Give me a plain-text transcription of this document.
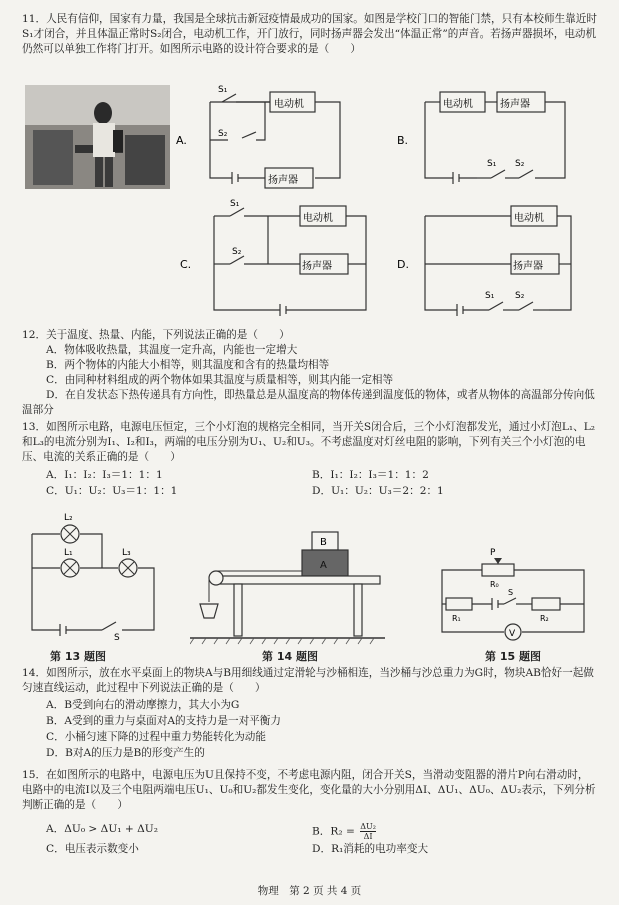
11．人民有信仰，国家有力量，我国是全球抗击新冠疫情最成功的国家。如图是学校门口的智能门禁，只有本校师生靠近时S₁才闭合，并且体温正常时S₂闭合，电动机工作，开门放行，同时扬声器会发出“体温正常”的声音。若扬声器损坏，电动机仍然可以单独工作将门打开。如图所示电路的设计符合要求的是（　　）
A.
电动机
扬声器
S₁
S₂	B.
电动机	扬声器
S₁ S₂
C.
电动机
扬声器
S₁
S₂
D.
电动机
扬声器
S₁ S₂
12．关于温度、热量、内能，下列说法正确的是（　　）
A．物体吸收热量，其温度一定升高，内能也一定增大
B．两个物体的内能大小相等，则其温度和含有的热量均相等
C．由同种材料组成的两个物体如果其温度与质量相等，则其内能一定相等
D．在自发状态下热传递具有方向性，即热量总是从温度高的物体传递到温度低的物体，或者从物体的高温部分传向低温部分
13．如图所示电路，电源电压恒定，三个小灯泡的规格完全相同，当开关S闭合后，三个小灯泡都发光，通过小灯泡L₁、L₂和L₃的电流分别为I₁、I₂和I₃，两端的电压分别为U₁、U₂和U₃。不考虑温度对灯丝电阻的影响，下列有关三个小灯泡的电压、电流的关系正确的是（　　）
A．I₁：I₂：I₃＝1：1：1	B．I₁：I₂：I₃＝1：1：2
C．U₁：U₂：U₃＝1：1：1	D．U₁：U₂：U₃＝2：2：1
L₂
L₁	L₃
S
第 13 题图
B
A
第 14 题图
P
R₀
R₁	R₂
S
V
第 15 题图
14．如图所示，放在水平桌面上的物块A与B用细线通过定滑轮与沙桶相连，当沙桶与沙总重力为G时，物块AB恰好一起做匀速直线运动，此过程中下列说法正确的是（　　）
A．B受到向右的滑动摩擦力，其大小为G
B．A受到的重力与桌面对A的支持力是一对平衡力
C．小桶匀速下降的过程中重力势能转化为动能
D．B对A的压力是B的形变产生的
15．在如图所示的电路中，电源电压为U且保持不变，不考虑电源内阻，闭合开关S，当滑动变阻器的滑片P向右滑动时，电路中的电流I以及三个电阻两端电压U₁、U₀和U₂都发生变化，变化量的大小分别用ΔI、ΔU₁、ΔU₀、ΔU₂表示，下列分析判断正确的是（　　）
A．ΔU₀ > ΔU₁ + ΔU₂	B．$R_2 = \frac{\text{ΔU₂}}{\Delta I}$
C．电压表示数变小	D．R₁消耗的电功率变大
物理　第 2 页 共 4 页
